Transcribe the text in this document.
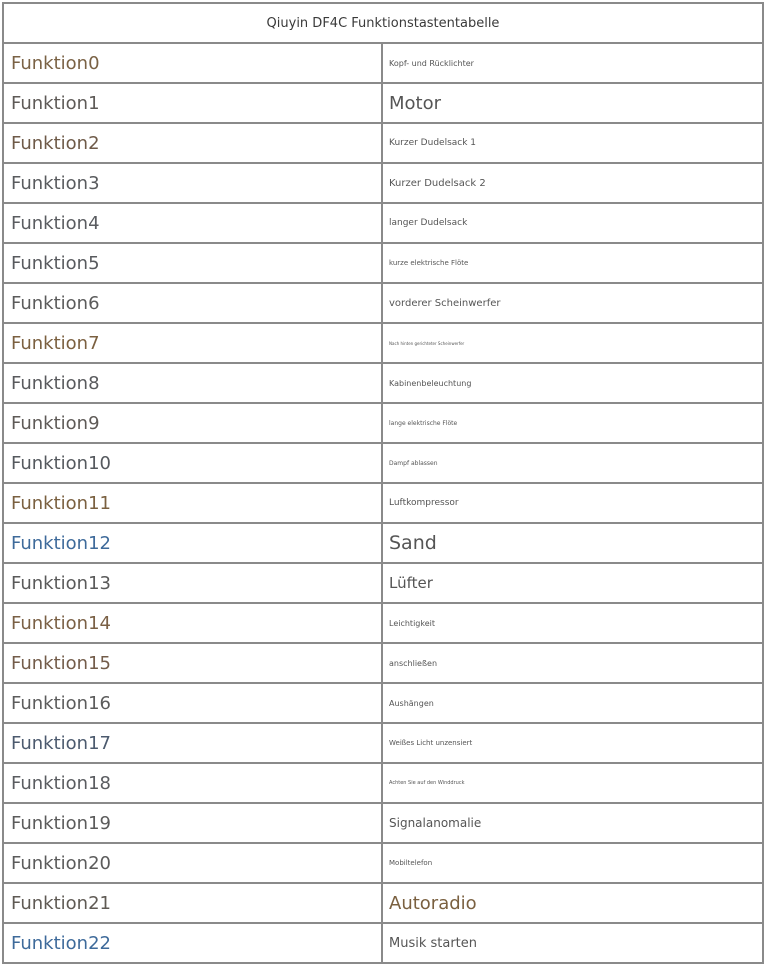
Qiuyin DF4C Funktionstastentabelle
Funktion0	Kopf- und Rücklichter
Funktion1	Motor
Funktion2	Kurzer Dudelsack 1
Funktion3	Kurzer Dudelsack 2
Funktion4	langer Dudelsack
Funktion5	kurze elektrische Flöte
Funktion6	vorderer Scheinwerfer
Funktion7	Nach hinten gerichteter Scheinwerfer
Funktion8	Kabinenbeleuchtung
Funktion9	lange elektrische Flöte
Funktion10	Dampf ablassen
Funktion11	Luftkompressor
Funktion12	Sand
Funktion13	Lüfter
Funktion14	Leichtigkeit
Funktion15	anschließen
Funktion16	Aushängen
Funktion17	Weißes Licht unzensiert
Funktion18	Achten Sie auf den Winddruck
Funktion19	Signalanomalie
Funktion20	Mobiltelefon
Funktion21	Autoradio
Funktion22	Musik starten
